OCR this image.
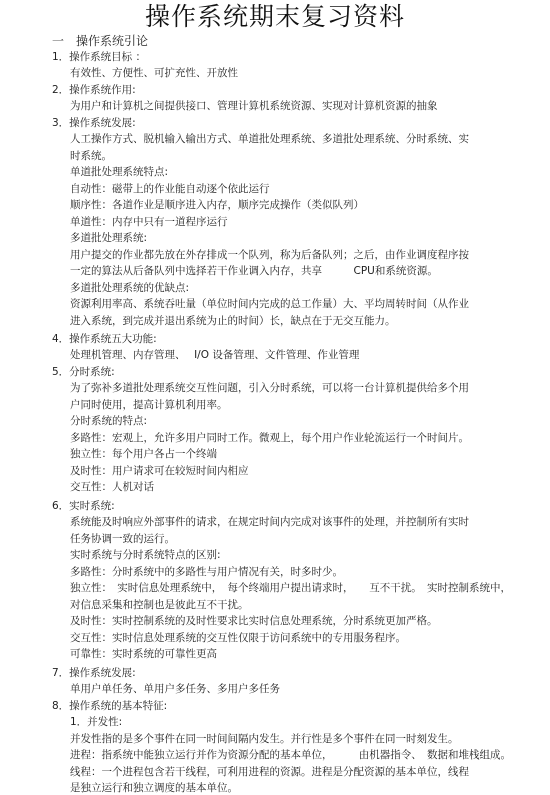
操作系统期末复习资料
一　操作系统引论
1．操作系统目标 ：
有效性、方便性、可扩充性、开放性
2．操作系统作用:
为用户和计算机之间提供接口、管理计算机系统资源、实现对计算机资源的抽象
3．操作系统发展:
人工操作方式、脱机输入输出方式、单道批处理系统、多道批处理系统、分时系统、实
时系统。
单道批处理系统特点:
自动性：磁带上的作业能自动逐个依此运行
顺序性：各道作业是顺序进入内存，顺序完成操作（类似队列）
单道性：内存中只有一道程序运行
多道批处理系统:
用户提交的作业都先放在外存排成一个队列，称为后备队列；之后，由作业调度程序按
一定的算法从后备队列中选择若干作业调入内存，共享　　　CPU和系统资源。
多道批处理系统的优缺点:
资源利用率高、系统吞吐量（单位时间内完成的总工作量）大、平均周转时间（从作业
进入系统，到完成并退出系统为止的时间）长，缺点在于无交互能力。
4．操作系统五大功能:
处理机管理、内存管理、　 I/O 设备管理、文件管理、作业管理
5．分时系统:
为了弥补多道批处理系统交互性问题，引入分时系统，可以将一台计算机提供给多个用
户同时使用，提高计算机利用率。
分时系统的特点:
多路性：宏观上，允许多用户同时工作。微观上，每个用户作业轮流运行一个时间片。
独立性：每个用户各占一个终端
及时性：用户请求可在较短时间内相应
交互性：人机对话
6．实时系统:
系统能及时响应外部事件的请求，在规定时间内完成对该事件的处理，并控制所有实时
任务协调一致的运行。
实时系统与分时系统特点的区别:
多路性：分时系统中的多路性与用户情况有关，时多时少。
独立性：　实时信息处理系统中，　每个终端用户提出请求时，　　互不干扰。　实时控制系统中，
对信息采集和控制也是彼此互不干扰。
及时性：实时控制系统的及时性要求比实时信息处理系统，分时系统更加严格。
交互性：实时信息处理系统的交互性仅限于访问系统中的专用服务程序。
可靠性：实时系统的可靠性更高
7．操作系统发展:
单用户单任务、单用户多任务、多用户多任务
8．操作系统的基本特征:
1．并发性:
并发性指的是多个事件在同一时间间隔内发生。并行性是多个事件在同一时刻发生。
进程：指系统中能独立运行并作为资源分配的基本单位，　　　由机器指令、　数据和堆栈组成。
线程：一个进程包含若干线程，可利用进程的资源。进程是分配资源的基本单位，线程
是独立运行和独立调度的基本单位。
